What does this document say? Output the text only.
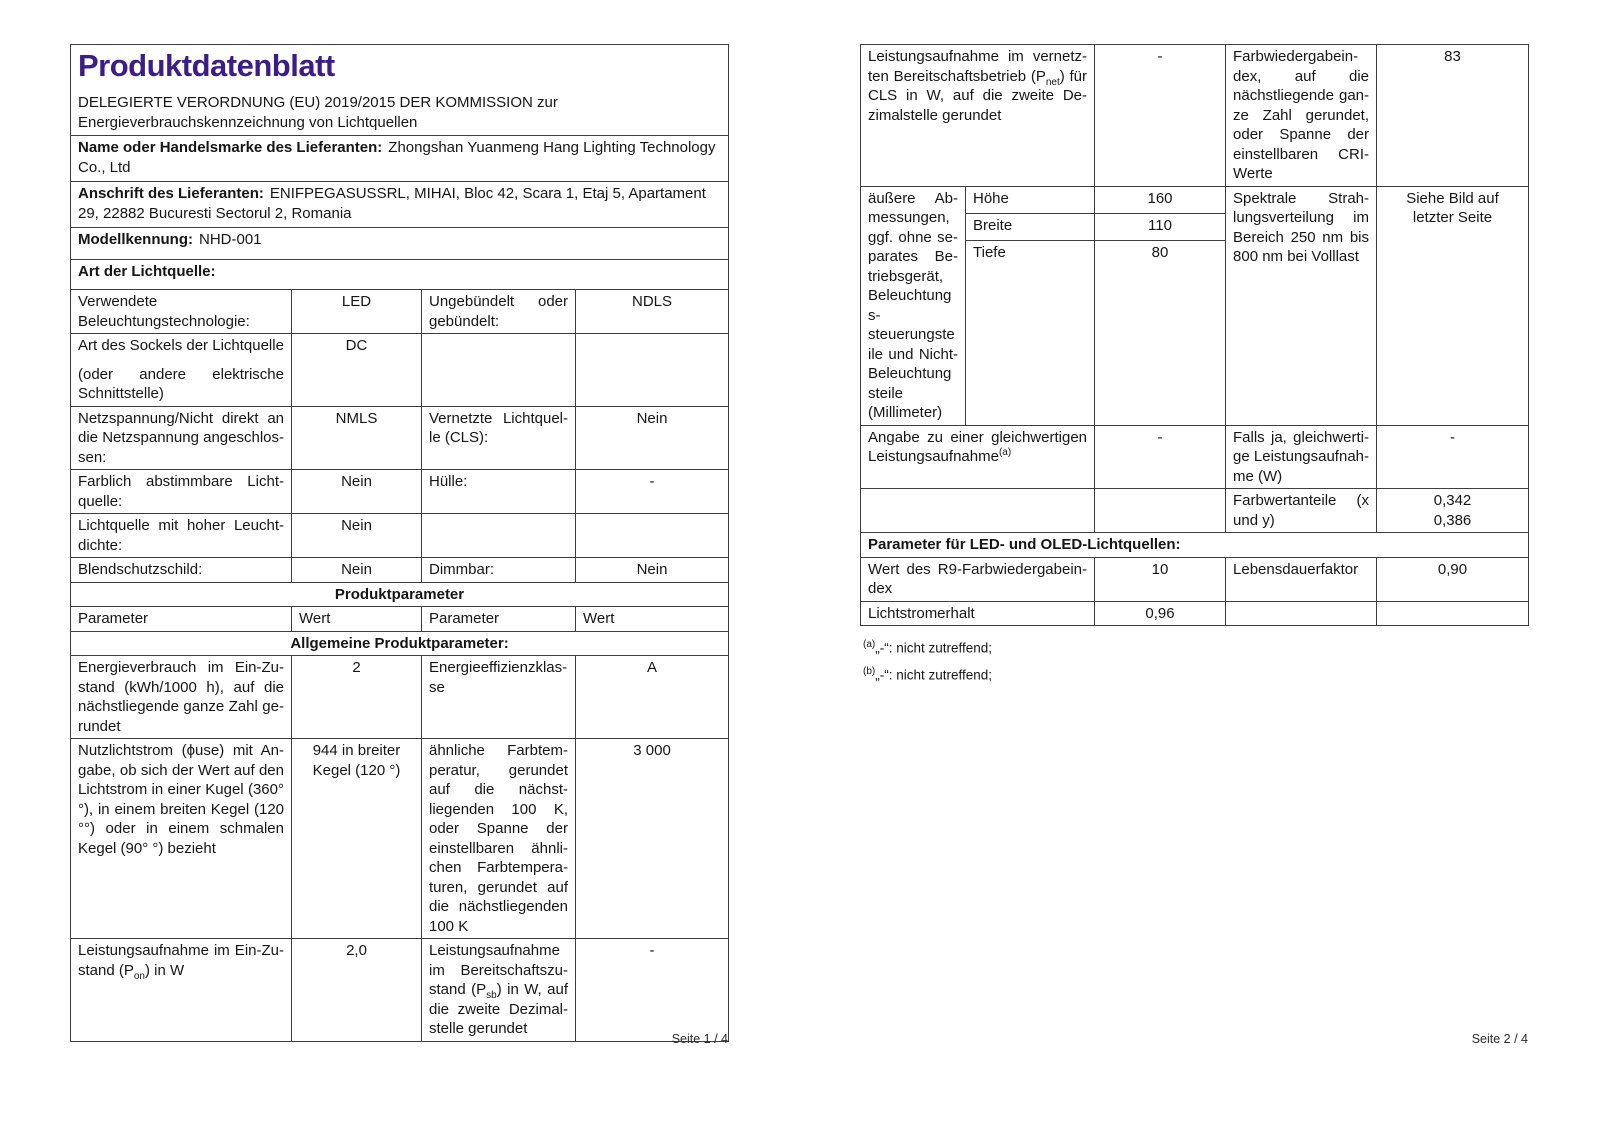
Produktdatenblatt
DELEGIERTE VERORDNUNG (EU) 2019/2015 DER KOMMISSION zur Energieverbrauchskennzeichnung von Lichtquellen			

Name oder Handelsmarke des Lieferanten: Zhongshan Yuanmeng Hang Lighting Technology Co., Ltd			
Anschrift des Lieferanten: ENIFPEGASUSSRL, MIHAI, Bloc 42, Scara 1, Etaj 5, Apartament 29, 22882 Bucuresti Sectorul 2, Romania			
Modellkennung: NHD-001			
Art der Lichtquelle:			
Verwendete Beleuchtungstechnologie:	LED	Ungebündelt oder gebündelt:	NDLS

Art des Sockels der Lichtquelle
(oder andere elektrische Schnittstelle)	DC		
Netzspannung/Nicht direkt an die Netzspannung angeschlossen:	NMLS	Vernetzte Lichtquelle (CLS):	Nein
Farblich abstimmbare Lichtquelle:	Nein	Hülle:	-
Lichtquelle mit hoher Leuchtdichte:	Nein		
Blendschutzschild:	Nein	Dimmbar:	Nein
Produktparameter			
Parameter	Wert	Parameter	Wert
Allgemeine Produktparameter:			
Energieverbrauch im Ein-Zustand (kWh/1000 h), auf die nächstliegende ganze Zahl gerundet	2	Energieeffizienzklasse	A
Nutzlichtstrom (ϕuse) mit Angabe, ob sich der Wert auf den Lichtstrom in einer Kugel (360° °), in einem breiten Kegel (120 °°) oder in einem schmalen Kegel (90° °) bezieht	944 in breiter Kegel (120 °)	ähnliche Farbtemperatur, gerundet auf die nächstliegenden 100 K, oder Spanne der einstellbaren ähnlichen Farbtemperaturen, gerundet auf die nächstliegenden 100 K	3 000
Leistungsaufnahme im Ein-Zustand $(P_{on})$ in W	2,0	Leistungsaufnahme im Bereitschaftszustand $(P_{sb})$ in W, auf die zweite Dezimalstelle gerundet	-
Leistungsaufnahme im vernetzten Bereitschaftsbetrieb $(P_{net})$ für CLS in W, auf die zweite Dezimalstelle gerundet		-	Farbwiedergabeindex, auf die nächstliegende ganze Zahl gerundet, oder Spanne der einstellbaren CRI-Werte	83
äußere Abmessungen, ggf. ohne separates Betriebsgerät, Beleuchtungssteuerungsteile und Nicht-Beleuchtungsteile (Millimeter)	Höhe	160	Spektrale Strahlungsverteilung im Bereich 250 nm bis 800 nm bei Volllast	Siehe Bild auf letzter Seite
	Breite	110		
	Tiefe	80		
Angabe zu einer gleichwertigen Leistungsaufnahme$^{(a)}$		-	Falls ja, gleichwertige Leistungsaufnahme (W)	-
			Farbwertanteile (x und y)	0,342
0,386

Parameter für LED- und OLED-Lichtquellen:				
Wert des R9-Farbwiedergabeindex		10	Lebensdauerfaktor	0,90
Lichtstromerhalt		0,96		
$^{(a)}$„-“: nicht zutreffend;
$^{(b)}$„-“: nicht zutreffend;
Seite 1 / 4	Seite 2 / 4
